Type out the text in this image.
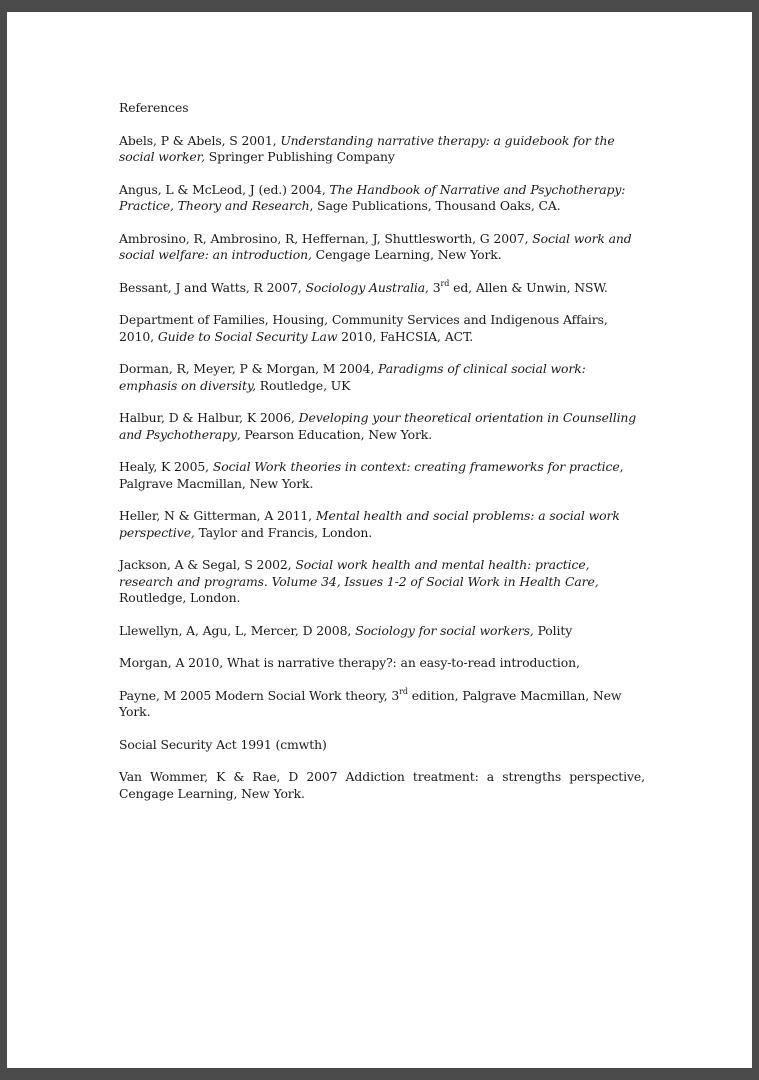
References

Abels, P & Abels, S 2001, Understanding narrative therapy: a guidebook for the social worker, Springer Publishing Company

Angus, L & McLeod, J (ed.) 2004, The Handbook of Narrative and Psychotherapy: Practice, Theory and Research, Sage Publications, Thousand Oaks, CA.

Ambrosino, R, Ambrosino, R, Heffernan, J, Shuttlesworth, G 2007, Social work and social welfare: an introduction, Cengage Learning, New York.

Bessant, J and Watts, R 2007, Sociology Australia, 3rd ed, Allen & Unwin, NSW.

Department of Families, Housing, Community Services and Indigenous Affairs, 2010, Guide to Social Security Law 2010, FaHCSIA, ACT.

Dorman, R, Meyer, P & Morgan, M 2004, Paradigms of clinical social work: emphasis on diversity, Routledge, UK

Halbur, D & Halbur, K 2006, Developing your theoretical orientation in Counselling and Psychotherapy, Pearson Education, New York.

Healy, K 2005, Social Work theories in context: creating frameworks for practice, Palgrave Macmillan, New York.

Heller, N & Gitterman, A 2011, Mental health and social problems: a social work perspective, Taylor and Francis, London.

Jackson, A & Segal, S 2002, Social work health and mental health: practice, research and programs. Volume 34, Issues 1-2 of Social Work in Health Care, Routledge, London.

Llewellyn, A, Agu, L, Mercer, D 2008, Sociology for social workers, Polity

Morgan, A 2010, What is narrative therapy?: an easy-to-read introduction,

Payne, M 2005 Modern Social Work theory, 3rd edition, Palgrave Macmillan, New York.

Social Security Act 1991 (cmwth)

Van Wommer, K & Rae, D 2007 Addiction treatment: a strengths perspective, Cengage Learning, New York.
